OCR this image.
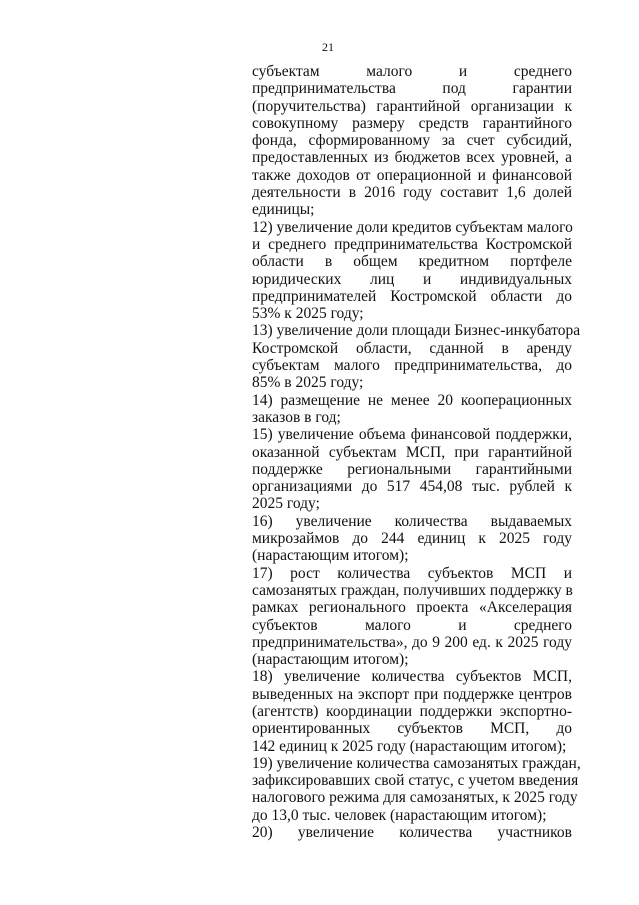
21
субъектам малого и среднего
предпринимательства под гарантии
(поручительства) гарантийной организации к
совокупному размеру средств гарантийного
фонда, сформированному за счет субсидий,
предоставленных из бюджетов всех уровней, а
также доходов от операционной и финансовой
деятельности в 2016 году составит 1,6 долей
единицы;
12) увеличение доли кредитов субъектам малого
и среднего предпринимательства Костромской
области в общем кредитном портфеле
юридических лиц и индивидуальных
предпринимателей Костромской области до
53% к 2025 году;
13) увеличение доли площади Бизнес-инкубатора
Костромской области, сданной в аренду
субъектам малого предпринимательства, до
85% в 2025 году;
14) размещение не менее 20 кооперационных
заказов в год;
15) увеличение объема финансовой поддержки,
оказанной субъектам МСП, при гарантийной
поддержке региональными гарантийными
организациями до 517 454,08 тыс. рублей к
2025 году;
16) увеличение количества выдаваемых
микрозаймов до 244 единиц к 2025 году
(нарастающим итогом);
17) рост количества субъектов МСП и
самозанятых граждан, получивших поддержку в
рамках регионального проекта «Акселерация
субъектов малого и среднего
предпринимательства», до 9 200 ед. к 2025 году
(нарастающим итогом);
18) увеличение количества субъектов МСП,
выведенных на экспорт при поддержке центров
(агентств) координации поддержки экспортно-
ориентированных субъектов МСП, до
142 единиц к 2025 году (нарастающим итогом);
19) увеличение количества самозанятых граждан,
зафиксировавших свой статус, с учетом введения
налогового режима для самозанятых, к 2025 году
до 13,0 тыс. человек (нарастающим итогом);
20) увеличение количества участников
